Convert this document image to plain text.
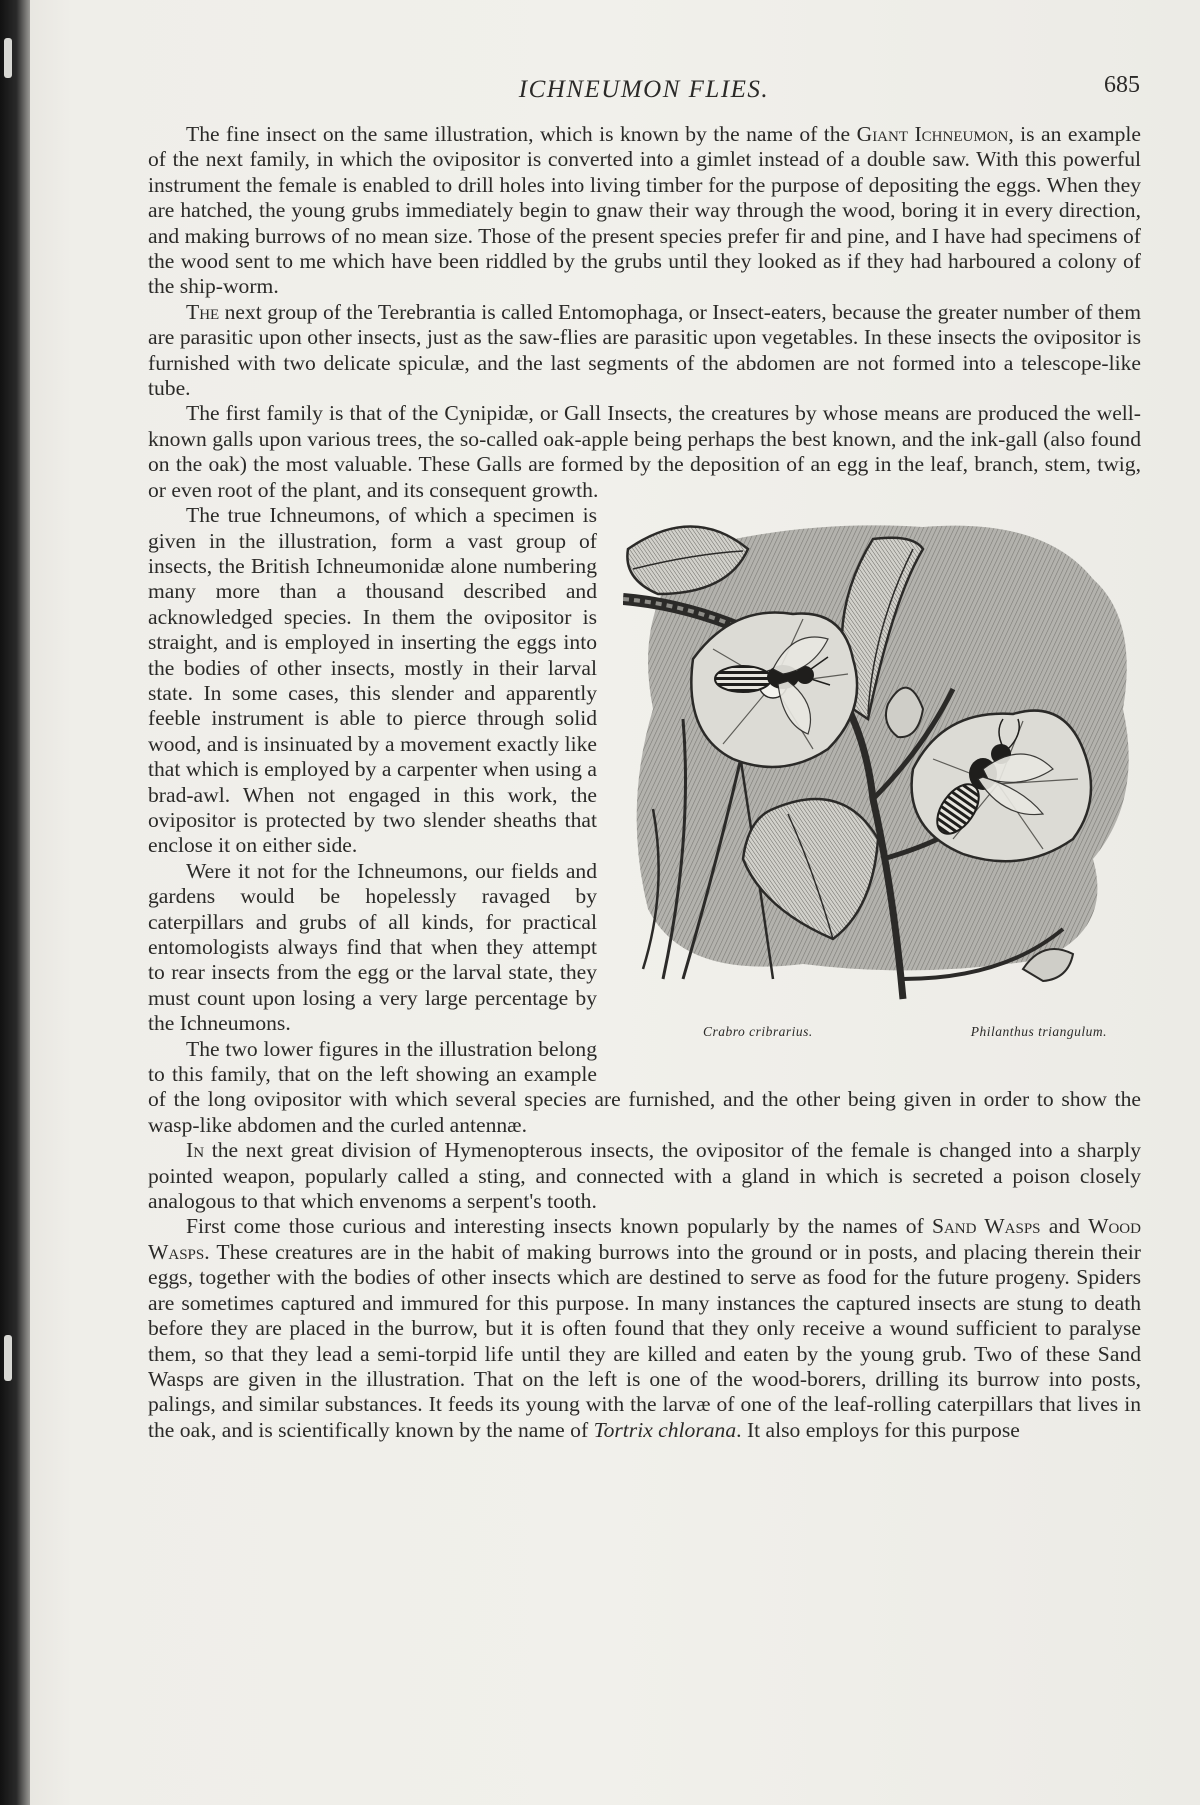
ICHNEUMON FLIES.	685

The fine insect on the same illustration, which is known by the name of the Giant Ichneumon, is an example of the next family, in which the ovipositor is converted into a gimlet instead of a double saw. With this powerful instrument the female is enabled to drill holes into living timber for the purpose of depositing the eggs. When they are hatched, the young grubs immediately begin to gnaw their way through the wood, boring it in every direction, and making burrows of no mean size. Those of the present species prefer fir and pine, and I have had specimens of the wood sent to me which have been riddled by the grubs until they looked as if they had harboured a colony of the ship-worm.

The next group of the Terebrantia is called Entomophaga, or Insect-eaters, because the greater number of them are parasitic upon other insects, just as the saw-flies are parasitic upon vegetables. In these insects the ovipositor is furnished with two delicate spiculæ, and the last segments of the abdomen are not formed into a telescope-like tube.

The first family is that of the Cynipidæ, or Gall Insects, the creatures by whose means are produced the well-known galls upon various trees, the so-called oak-apple being perhaps the best known, and the ink-gall (also found on the oak) the most valuable. These Galls are formed by the deposition of an egg in the leaf, branch, stem, twig, or even root of the plant, and its consequent growth.

Crabro cribrarius.	Philanthus triangulum.
The true Ichneumons, of which a specimen is given in the illustration, form a vast group of insects, the British Ichneumonidæ alone numbering many more than a thousand described and acknowledged species. In them the ovipositor is straight, and is employed in inserting the eggs into the bodies of other insects, mostly in their larval state. In some cases, this slender and apparently feeble instrument is able to pierce through solid wood, and is insinuated by a movement exactly like that which is employed by a carpenter when using a brad-awl. When not engaged in this work, the ovipositor is protected by two slender sheaths that enclose it on either side.

Were it not for the Ichneumons, our fields and gardens would be hopelessly ravaged by caterpillars and grubs of all kinds, for practical entomologists always find that when they attempt to rear insects from the egg or the larval state, they must count upon losing a very large percentage by the Ichneumons.

The two lower figures in the illustration belong to this family, that on the left showing an example of the long ovipositor with which several species are furnished, and the other being given in order to show the wasp-like abdomen and the curled antennæ.

In the next great division of Hymenopterous insects, the ovipositor of the female is changed into a sharply pointed weapon, popularly called a sting, and connected with a gland in which is secreted a poison closely analogous to that which envenoms a serpent's tooth.

First come those curious and interesting insects known popularly by the names of Sand Wasps and Wood Wasps. These creatures are in the habit of making burrows into the ground or in posts, and placing therein their eggs, together with the bodies of other insects which are destined to serve as food for the future progeny. Spiders are sometimes captured and immured for this purpose. In many instances the captured insects are stung to death before they are placed in the burrow, but it is often found that they only receive a wound sufficient to paralyse them, so that they lead a semi-torpid life until they are killed and eaten by the young grub. Two of these Sand Wasps are given in the illustration. That on the left is one of the wood-borers, drilling its burrow into posts, palings, and similar substances. It feeds its young with the larvæ of one of the leaf-rolling caterpillars that lives in the oak, and is scientifically known by the name of Tortrix chlorana. It also employs for this purpose
